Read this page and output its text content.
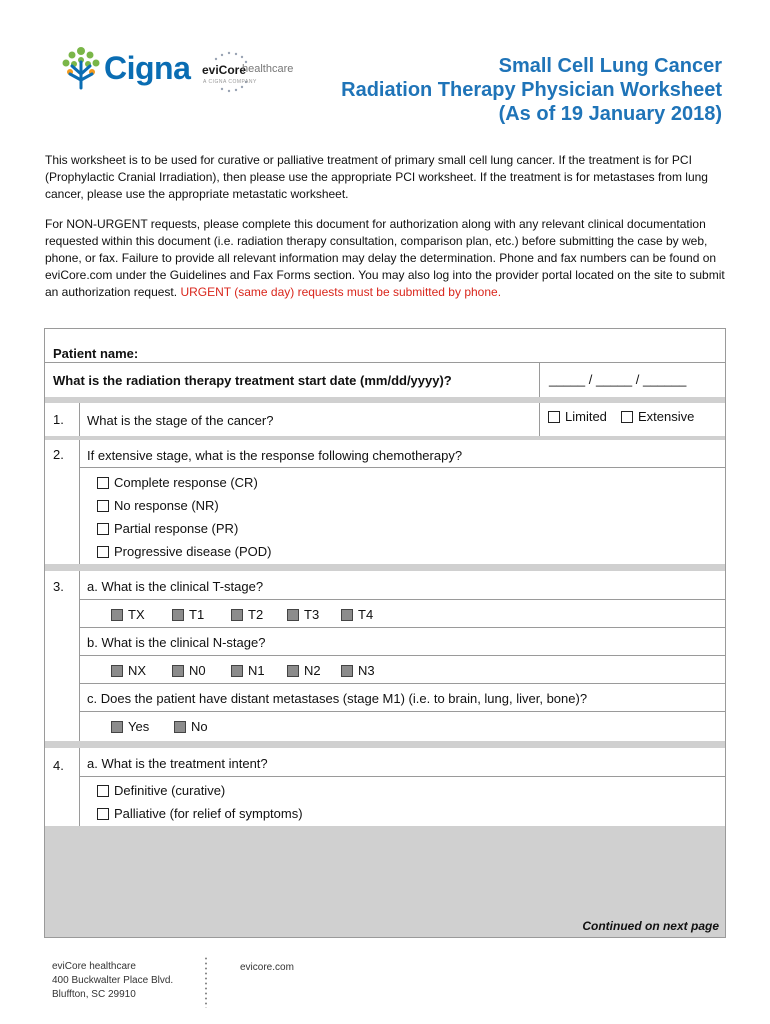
Cigna eviCore
healthcare
A CIGNA COMPANY
Small Cell Lung Cancer
Radiation Therapy Physician Worksheet
(As of 19 January 2018)

This worksheet is to be used for curative or palliative treatment of primary small cell lung cancer. If the treatment is for PCI (Prophylactic Cranial Irradiation), then please use the appropriate PCI worksheet. If the treatment is for metastases from lung cancer, please use the appropriate metastatic worksheet.

For NON-URGENT requests, please complete this document for authorization along with any relevant clinical documentation requested within this document (i.e. radiation therapy consultation, comparison plan, etc.) before submitting the case by web, phone, or fax. Failure to provide all relevant information may delay the determination. Phone and fax numbers can be found on eviCore.com under the Guidelines and Fax Forms section. You may also log into the provider portal located on the site to submit an authorization request. URGENT (same day) requests must be submitted by phone.

Patient name:
What is the radiation therapy treatment start date (mm/dd/yyyy)?	_____ / _____ / ______
1. What is the stage of the cancer?	Limited	Extensive
2. If extensive stage, what is the response following chemotherapy?
Complete response (CR)
No response (NR)
Partial response (PR)
Progressive disease (POD)
3. a. What is the clinical T-stage?
TX	T1	T2	T3	T4
b. What is the clinical N-stage?
NX	N0	N1	N2	N3
c. Does the patient have distant metastases (stage M1) (i.e. to brain, lung, liver, bone)?
Yes	No
4. a. What is the treatment intent?
Definitive (curative)
Palliative (for relief of symptoms)
Continued on next page
eviCore healthcare
400 Buckwalter Place Blvd.
Bluffton, SC 29910
evicore.com
